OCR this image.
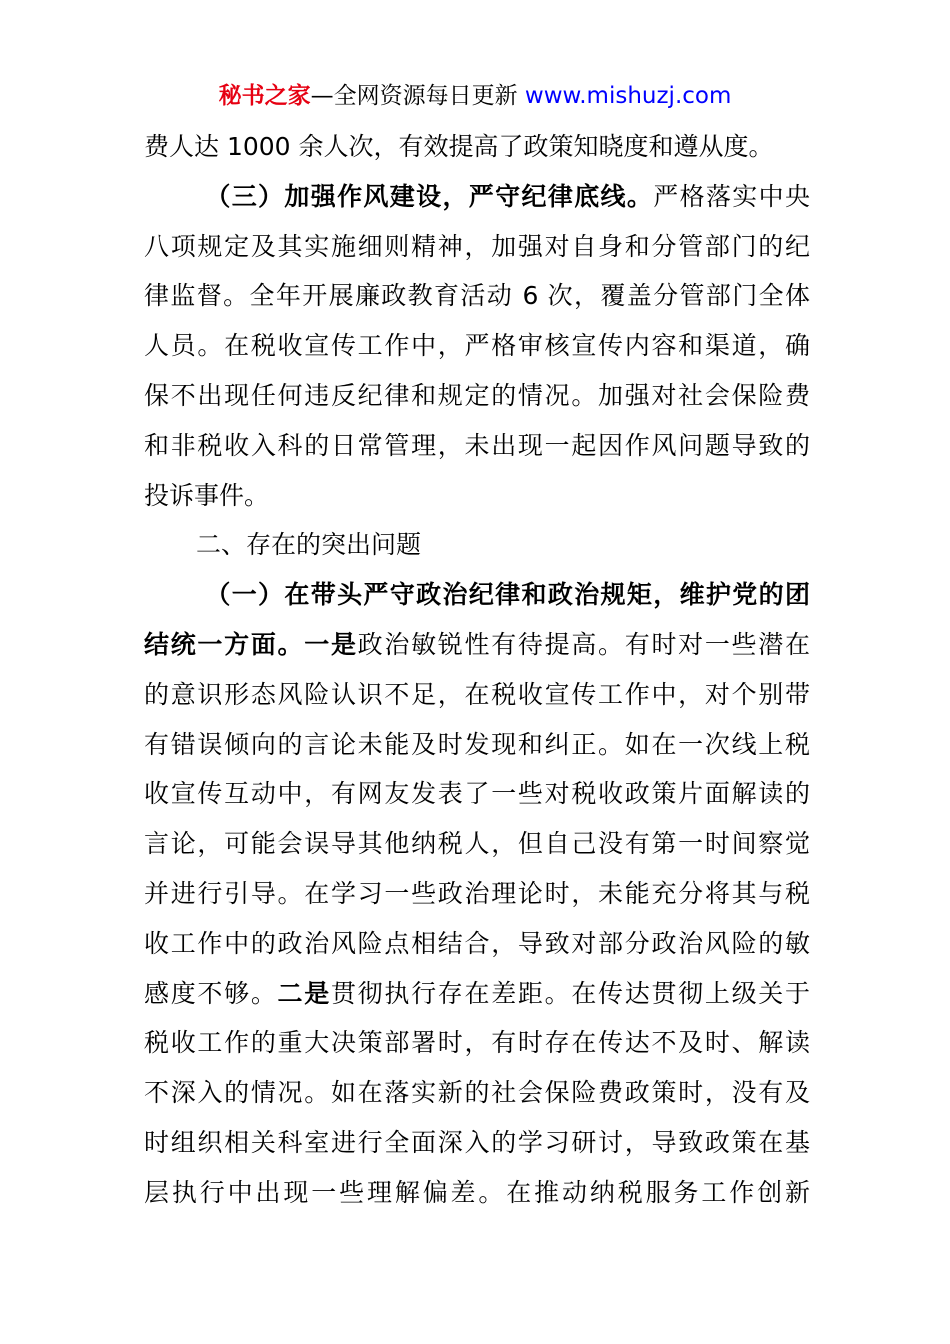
秘书之家—全网资源每日更新 www.mishuzj.com
费人达 1000 余人次，有效提高了政策知晓度和遵从度。
（三）加强作风建设，严守纪律底线。严格落实中央
八项规定及其实施细则精神，加强对自身和分管部门的纪
律监督。全年开展廉政教育活动 6 次，覆盖分管部门全体
人员。在税收宣传工作中，严格审核宣传内容和渠道，确
保不出现任何违反纪律和规定的情况。加强对社会保险费
和非税收入科的日常管理，未出现一起因作风问题导致的
投诉事件。
二、存在的突出问题
（一）在带头严守政治纪律和政治规矩，维护党的团
结统一方面。一是政治敏锐性有待提高。有时对一些潜在
的意识形态风险认识不足，在税收宣传工作中，对个别带
有错误倾向的言论未能及时发现和纠正。如在一次线上税
收宣传互动中，有网友发表了一些对税收政策片面解读的
言论，可能会误导其他纳税人，但自己没有第一时间察觉
并进行引导。在学习一些政治理论时，未能充分将其与税
收工作中的政治风险点相结合，导致对部分政治风险的敏
感度不够。二是贯彻执行存在差距。在传达贯彻上级关于
税收工作的重大决策部署时，有时存在传达不及时、解读
不深入的情况。如在落实新的社会保险费政策时，没有及
时组织相关科室进行全面深入的学习研讨，导致政策在基
层执行中出现一些理解偏差。在推动纳税服务工作创新
